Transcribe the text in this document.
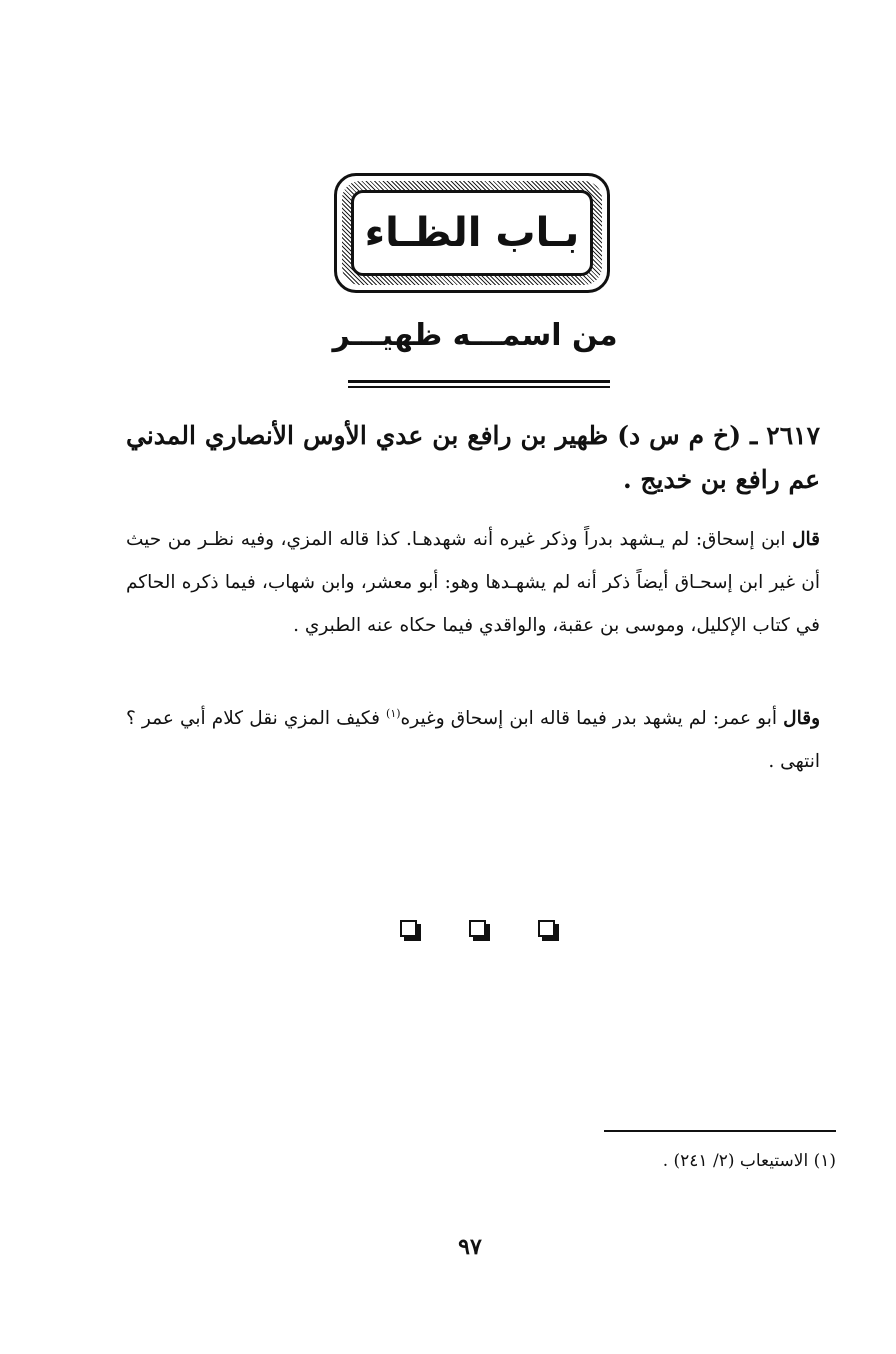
بـاب الظـاء
من اسمـــه ظهيـــر
٢٦١٧ ـ (خ م س د) ظهير بن رافع بن عدي الأوس الأنصاري المدني عم رافع بن خديج .
قال ابن إسحاق: لم يـشهد بدراً وذكر غيره أنه شهدهـا. كذا قاله المزي، وفيه نظـر من حيث أن غير ابن إسحـاق أيضاً ذكر أنه لم يشهـدها وهو: أبو معشر، وابن شهاب، فيما ذكره الحاكم في كتاب الإكليل، وموسى بن عقبة، والواقدي فيما حكاه عنه الطبري .
وقال أبو عمر: لم يشهد بدر فيما قاله ابن إسحاق وغيره$^{(١)}$ فكيف المزي نقل كلام أبي عمر ؟ انتهى .
(١) الاستيعاب (٢/ ٢٤١) .
٩٧
